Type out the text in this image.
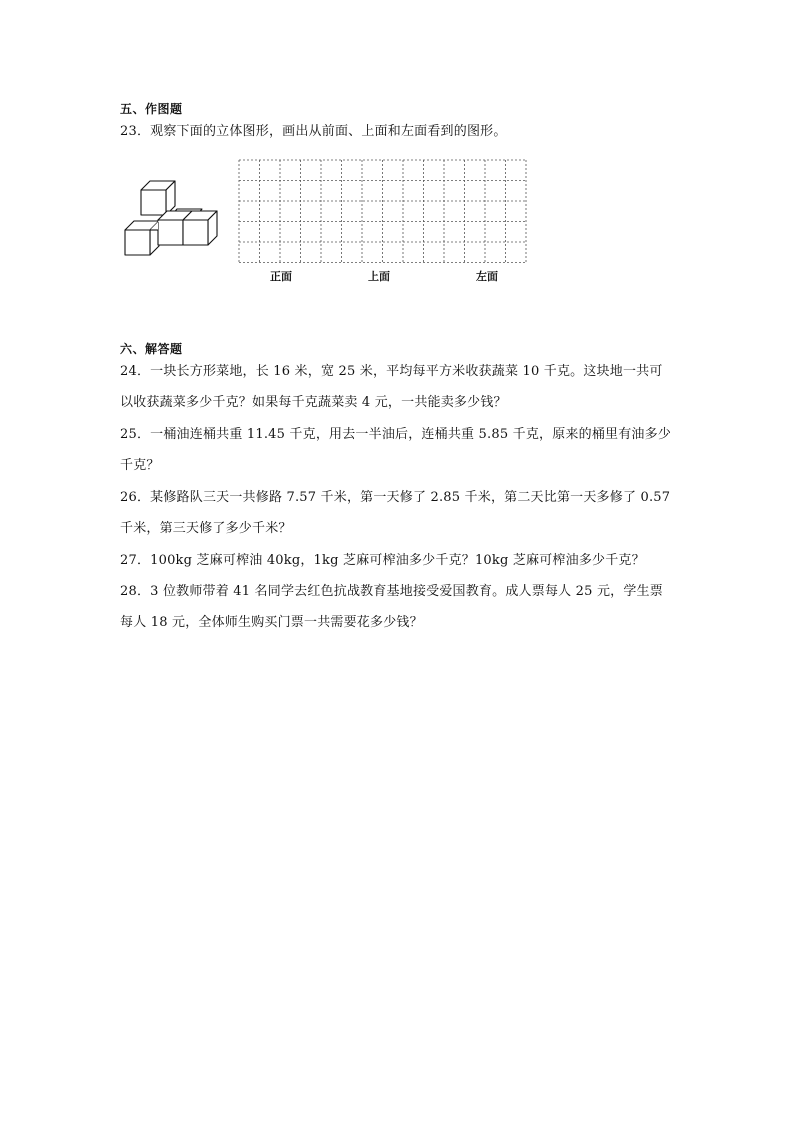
五、作图题
23．观察下面的立体图形，画出从前面、上面和左面看到的图形。
正面	上面	左面
六、解答题
24．一块长方形菜地，长 16 米，宽 25 米，平均每平方米收获蔬菜 10 千克。这块地一共可
以收获蔬菜多少千克？如果每千克蔬菜卖 4 元，一共能卖多少钱？
25．一桶油连桶共重 11.45 千克，用去一半油后，连桶共重 5.85 千克，原来的桶里有油多少
千克？
26．某修路队三天一共修路 7.57 千米，第一天修了 2.85 千米，第二天比第一天多修了 0.57
千米，第三天修了多少千米？
27．100kg 芝麻可榨油 40kg，1kg 芝麻可榨油多少千克？10kg 芝麻可榨油多少千克？
28．3 位教师带着 41 名同学去红色抗战教育基地接受爱国教育。成人票每人 25 元，学生票
每人 18 元，全体师生购买门票一共需要花多少钱？
